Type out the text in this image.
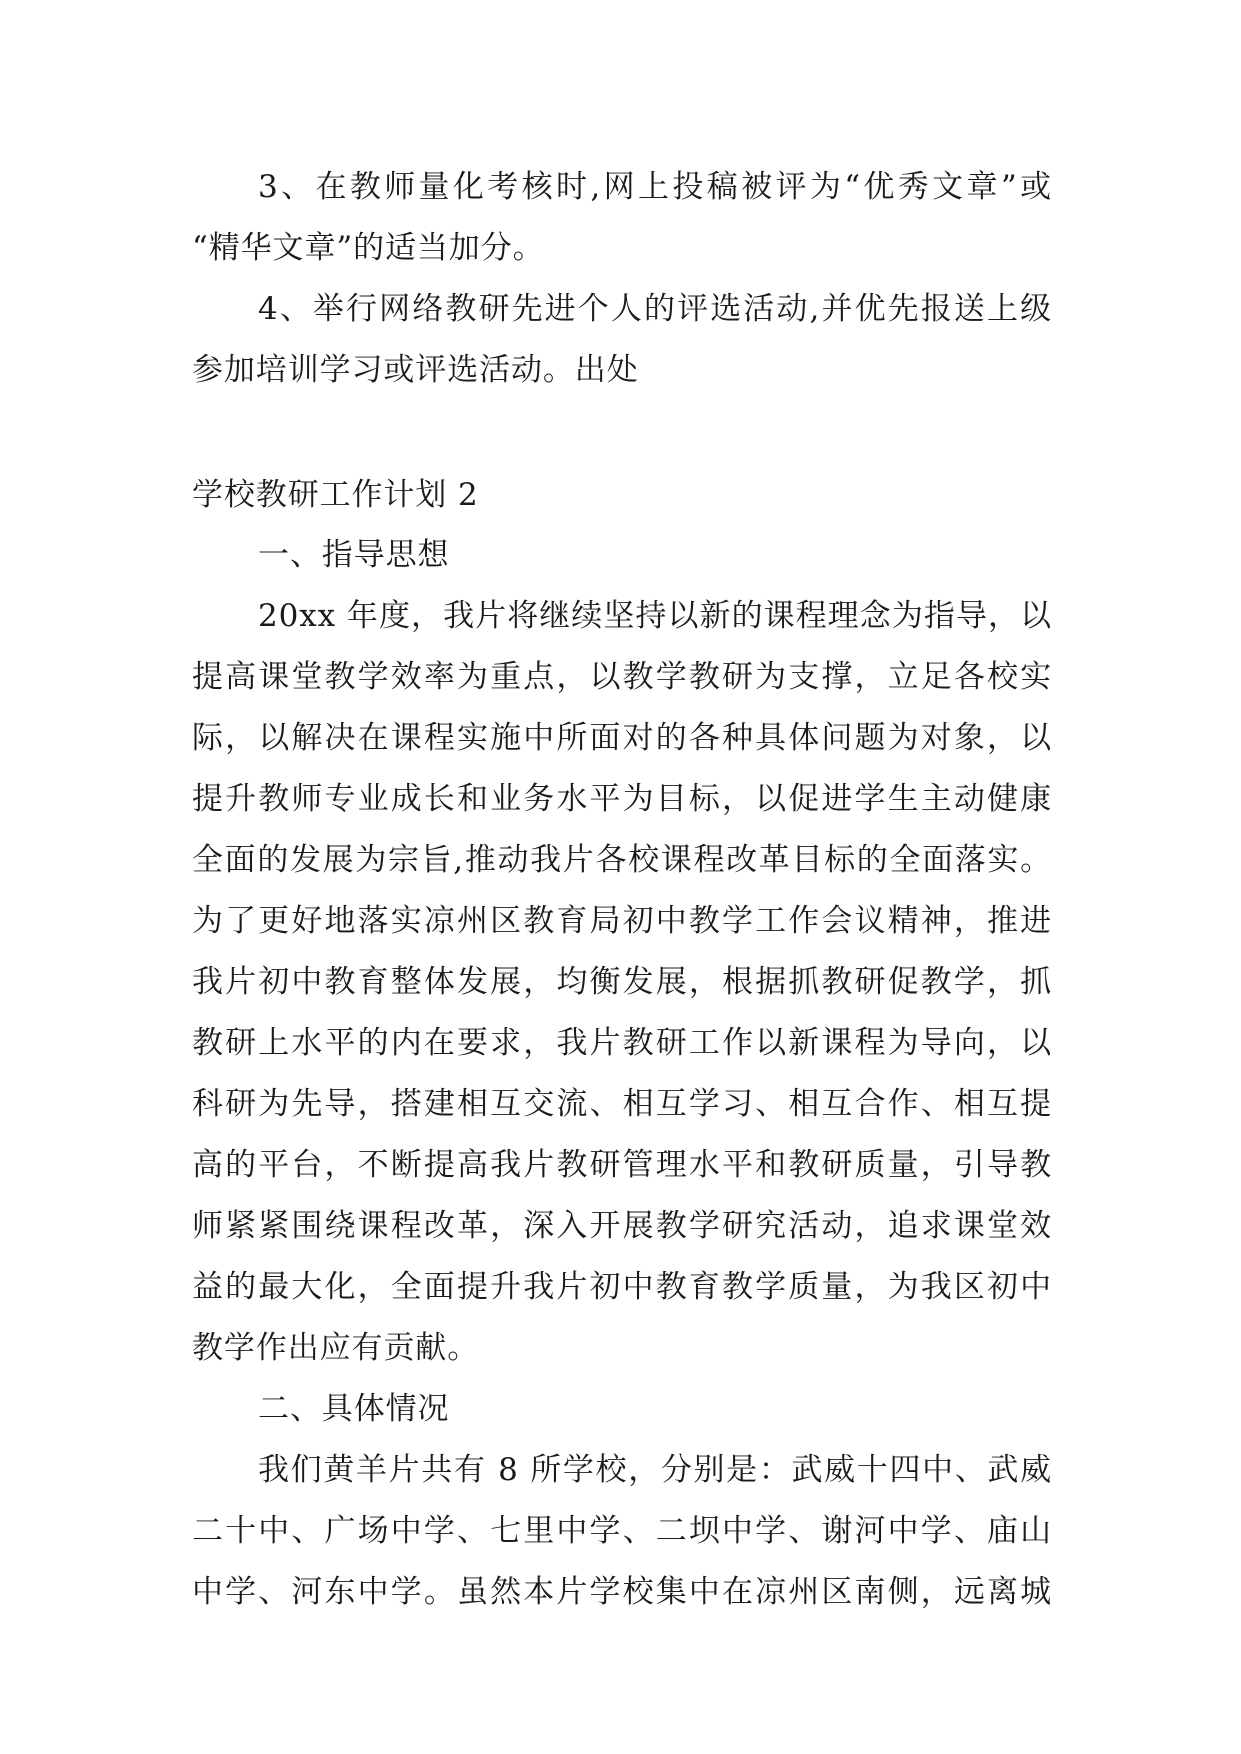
3、在教师量化考核时,网上投稿被评为“优秀文章”或
“精华文章”的适当加分。
4、举行网络教研先进个人的评选活动,并优先报送上级
参加培训学习或评选活动。出处
学校教研工作计划 2
一、指导思想
20xx 年度，我片将继续坚持以新的课程理念为指导，以
提高课堂教学效率为重点，以教学教研为支撑，立足各校实
际，以解决在课程实施中所面对的各种具体问题为对象，以
提升教师专业成长和业务水平为目标，以促进学生主动健康
全面的发展为宗旨,推动我片各校课程改革目标的全面落实。
为了更好地落实凉州区教育局初中教学工作会议精神，推进
我片初中教育整体发展，均衡发展，根据抓教研促教学，抓
教研上水平的内在要求，我片教研工作以新课程为导向，以
科研为先导，搭建相互交流、相互学习、相互合作、相互提
高的平台，不断提高我片教研管理水平和教研质量，引导教
师紧紧围绕课程改革，深入开展教学研究活动，追求课堂效
益的最大化，全面提升我片初中教育教学质量，为我区初中
教学作出应有贡献。
二、具体情况
我们黄羊片共有 8 所学校，分别是：武威十四中、武威
二十中、广场中学、七里中学、二坝中学、谢河中学、庙山
中学、河东中学。虽然本片学校集中在凉州区南侧，远离城
